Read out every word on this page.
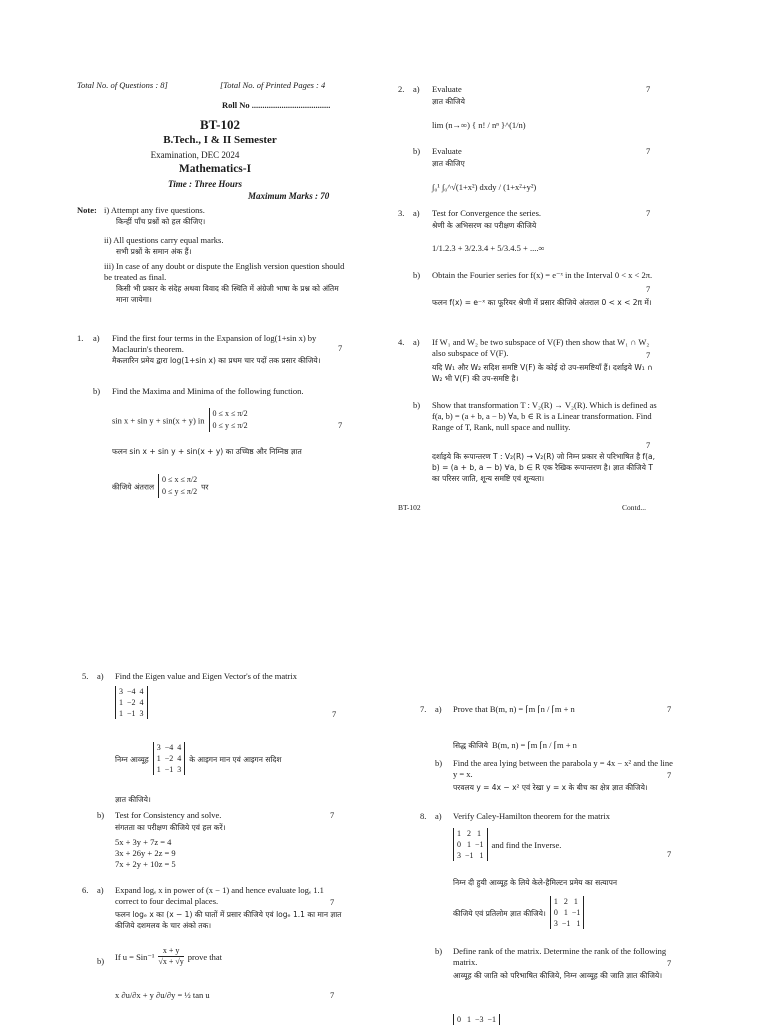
Total No. of Questions : 8]	[Total No. of Printed Pages : 4
Roll No .....................................
BT-102
B.Tech., I & II Semester
Examination, DEC 2024
Mathematics-I
Time : Three Hours
Maximum Marks : 70
Note: i) Attempt any five questions.
किन्हीं पाँच प्रश्नों को हल कीजिए।
ii) All questions carry equal marks.
सभी प्रश्नों के समान अंक हैं।
iii) In case of any doubt or dispute the English version question should be treated as final.
किसी भी प्रकार के संदेह अथवा विवाद की स्थिति में अंग्रेजी भाषा के प्रश्न को अंतिम माना जायेगा।
1. a) Find the first four terms in the Expansion of log(1+sin x) by Maclaurin's theorem.
मैकलारिन प्रमेय द्वारा log(1+sin x) का प्रथम चार पदों तक प्रसार कीजिये।
7
b) Find the Maxima and Minima of the following function.
sin x + sin y + sin(x + y) in
0 ≤ x ≤ π/2
0 ≤ y ≤ π/2	7
फलन sin x + sin y + sin(x + y) का उच्चिष्ठ और निम्निष्ठ ज्ञात
कीजिये अंतराल
0 ≤ x ≤ π/2
0 ≤ y ≤ π/2 पर
2. a) Evaluate	7
ज्ञात कीजिये
lim (n→∞) { n! / nⁿ }^(1/n)
b) Evaluate	7
ज्ञात कीजिए
∫₀¹ ∫₀^√(1+x²) dxdy / (1+x²+y²)
3. a) Test for Convergence the series.	7
श्रेणी के अभिसरण का परीक्षण कीजिये
1/1.2.3 + 3/2.3.4 + 5/3.4.5 + ....∞
b) Obtain the Fourier series for f(x) = e⁻ˣ in the Interval 0 < x < 2π.
7
फलन f(x) = e⁻ˣ का फूरियर श्रेणी में प्रसार कीजिये अंतराल 0 < x < 2π में।
4. a) If W₁ and W₂ be two subspace of V(F) then show that W₁ ∩ W₂ also subspace of V(F).	7
यदि W₁ और W₂ सदिश समष्टि V(F) के कोई दो उप-समष्टियाँ हैं। दर्शाइये W₁ ∩ W₂ भी V(F) की उप-समष्टि है।
b) Show that transformation T : V₂(R) → V₂(R). Which is defined as f(a, b) = (a + b, a − b) ∀a, b ∈ R is a Linear transformation. Find Range of T, Rank, null space and nullity.
7
दर्शाइये कि रूपान्तरण T : V₂(R) → V₂(R) जो निम्न प्रकार से परिभाषित है f(a, b) = (a + b, a − b) ∀a, b ∈ R एक रैखिक रूपान्तरण है। ज्ञात कीजिये T का परिसर जाति, शून्य समष्टि एवं शून्यता।
BT-102	Contd...
5. a) Find the Eigen value and Eigen Vector's of the matrix
3  −4  4
1  −2  4
1  −1  3	7
निम्न आव्यूह
3  −4  4
1  −2  4
1  −1  3
के आइगन मान एवं आइगन सदिश
ज्ञात कीजिये।
b) Test for Consistency and solve.	7
संगतता का परीक्षण कीजिये एवं हल करें।
5x + 3y + 7z = 4
3x + 26y + 2z = 9
7x + 2y + 10z = 5
6. a) Expand logₑ x in power of (x − 1) and hence evaluate logₑ 1.1 correct to four decimal places.	7
फलन logₑ x का (x − 1) की घातों में प्रसार कीजिये एवं logₑ 1.1 का मान ज्ञात कीजिये दशमलव के चार अंको तक।
b) If $u = Sin^{-1} \frac{x + y}{√x + √y}$ prove that
x ∂u/∂x + y ∂u/∂y = ½ tan u	7
7. a) Prove that B(m, n) = ⌈m ⌈n / ⌈m + n	7
सिद्ध कीजिये B(m, n) = ⌈m ⌈n / ⌈m + n
b) Find the area lying between the parabola y = 4x − x² and the line y = x.	7
परवलय y = 4x − x² एवं रेखा y = x के बीच का क्षेत्र ज्ञात कीजिये।
8. a) Verify Caley-Hamilton theorem for the matrix
1   2   1
0   1  −1
3  −1   1
and find the Inverse.
7
निम्न दी हुयी आव्यूह के लिये केले-हैमिल्टन प्रमेय का सत्यापन
कीजिये एवं प्रतिलोम ज्ञात कीजिये।
1   2   1
0   1  −1
3  −1   1
b) Define rank of the matrix. Determine the rank of the following matrix.	7
आव्यूह की जाति को परिभाषित कीजिये, निम्न आव्यूह की जाति ज्ञात कीजिये।
0   1  −3  −1
